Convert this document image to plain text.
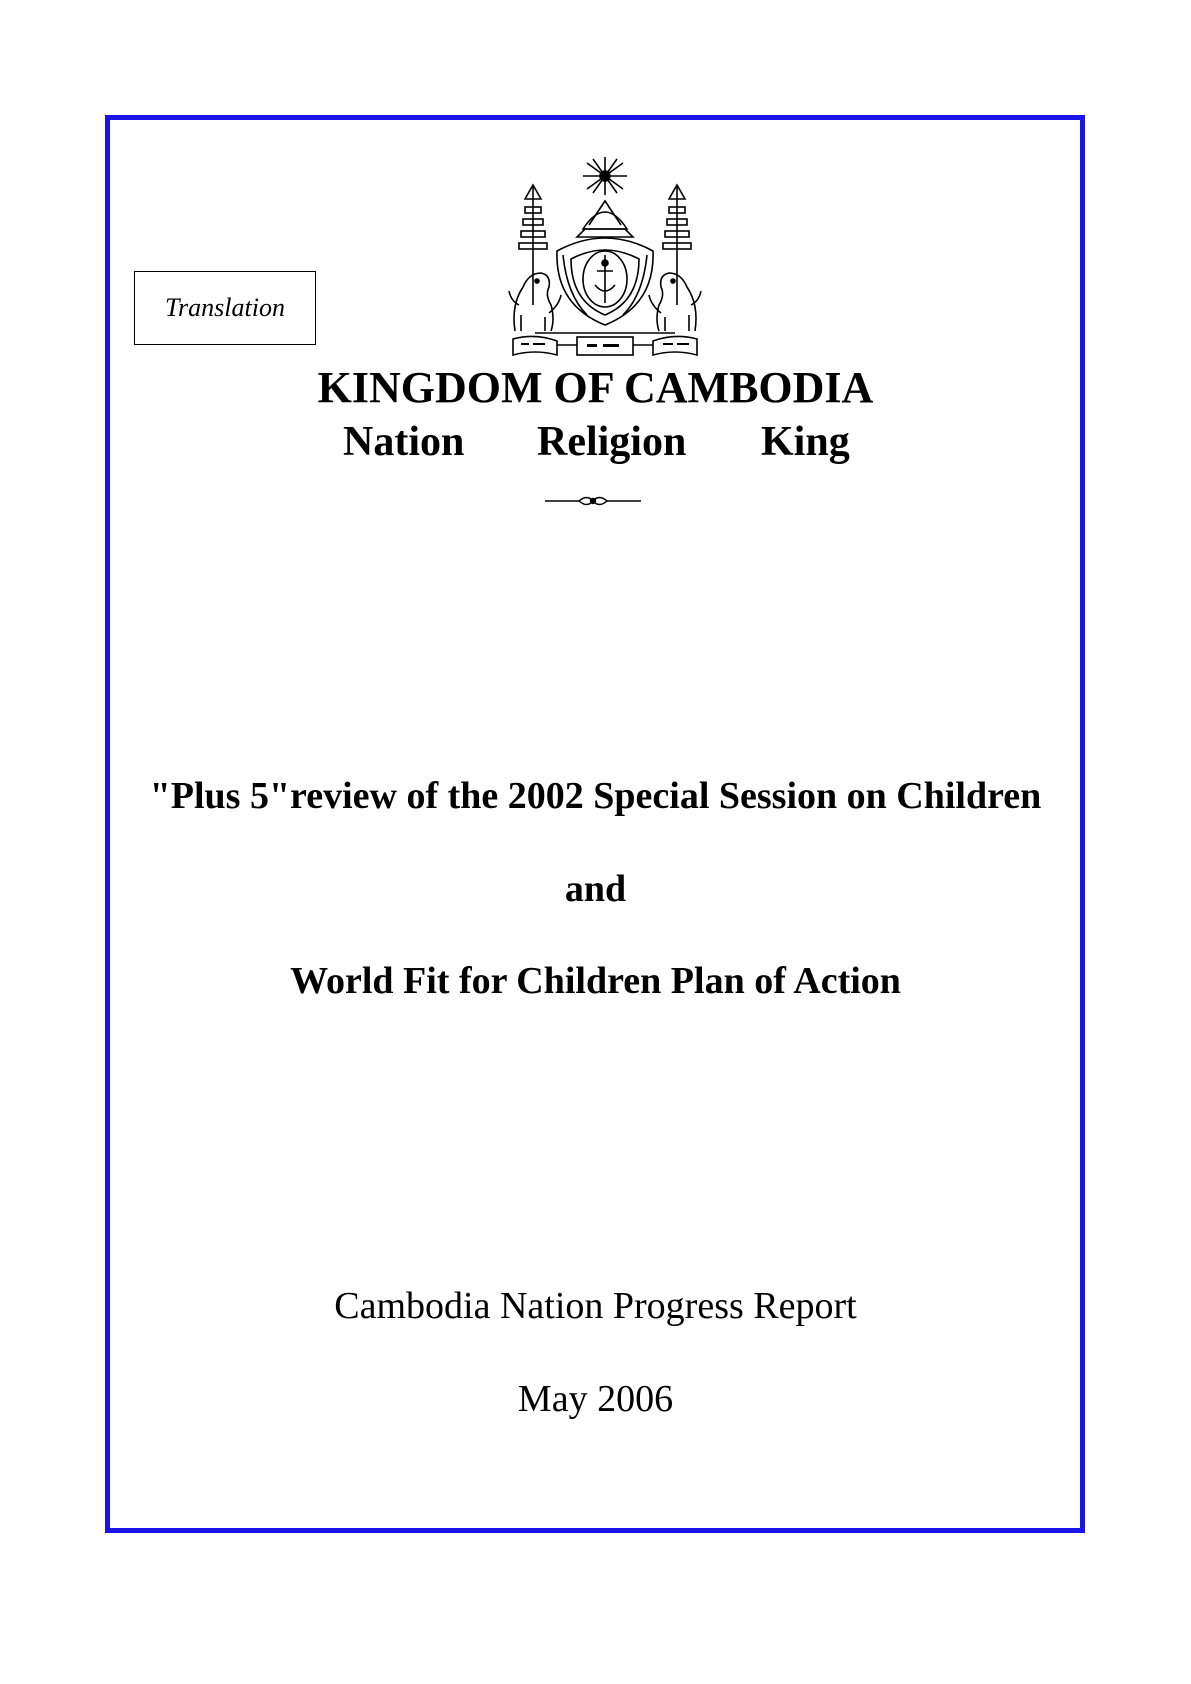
Translation
KINGDOM OF CAMBODIA
Nation Religion King
"Plus 5"review of the 2002 Special Session on Children
and
World Fit for Children Plan of Action
Cambodia Nation Progress Report
May 2006
